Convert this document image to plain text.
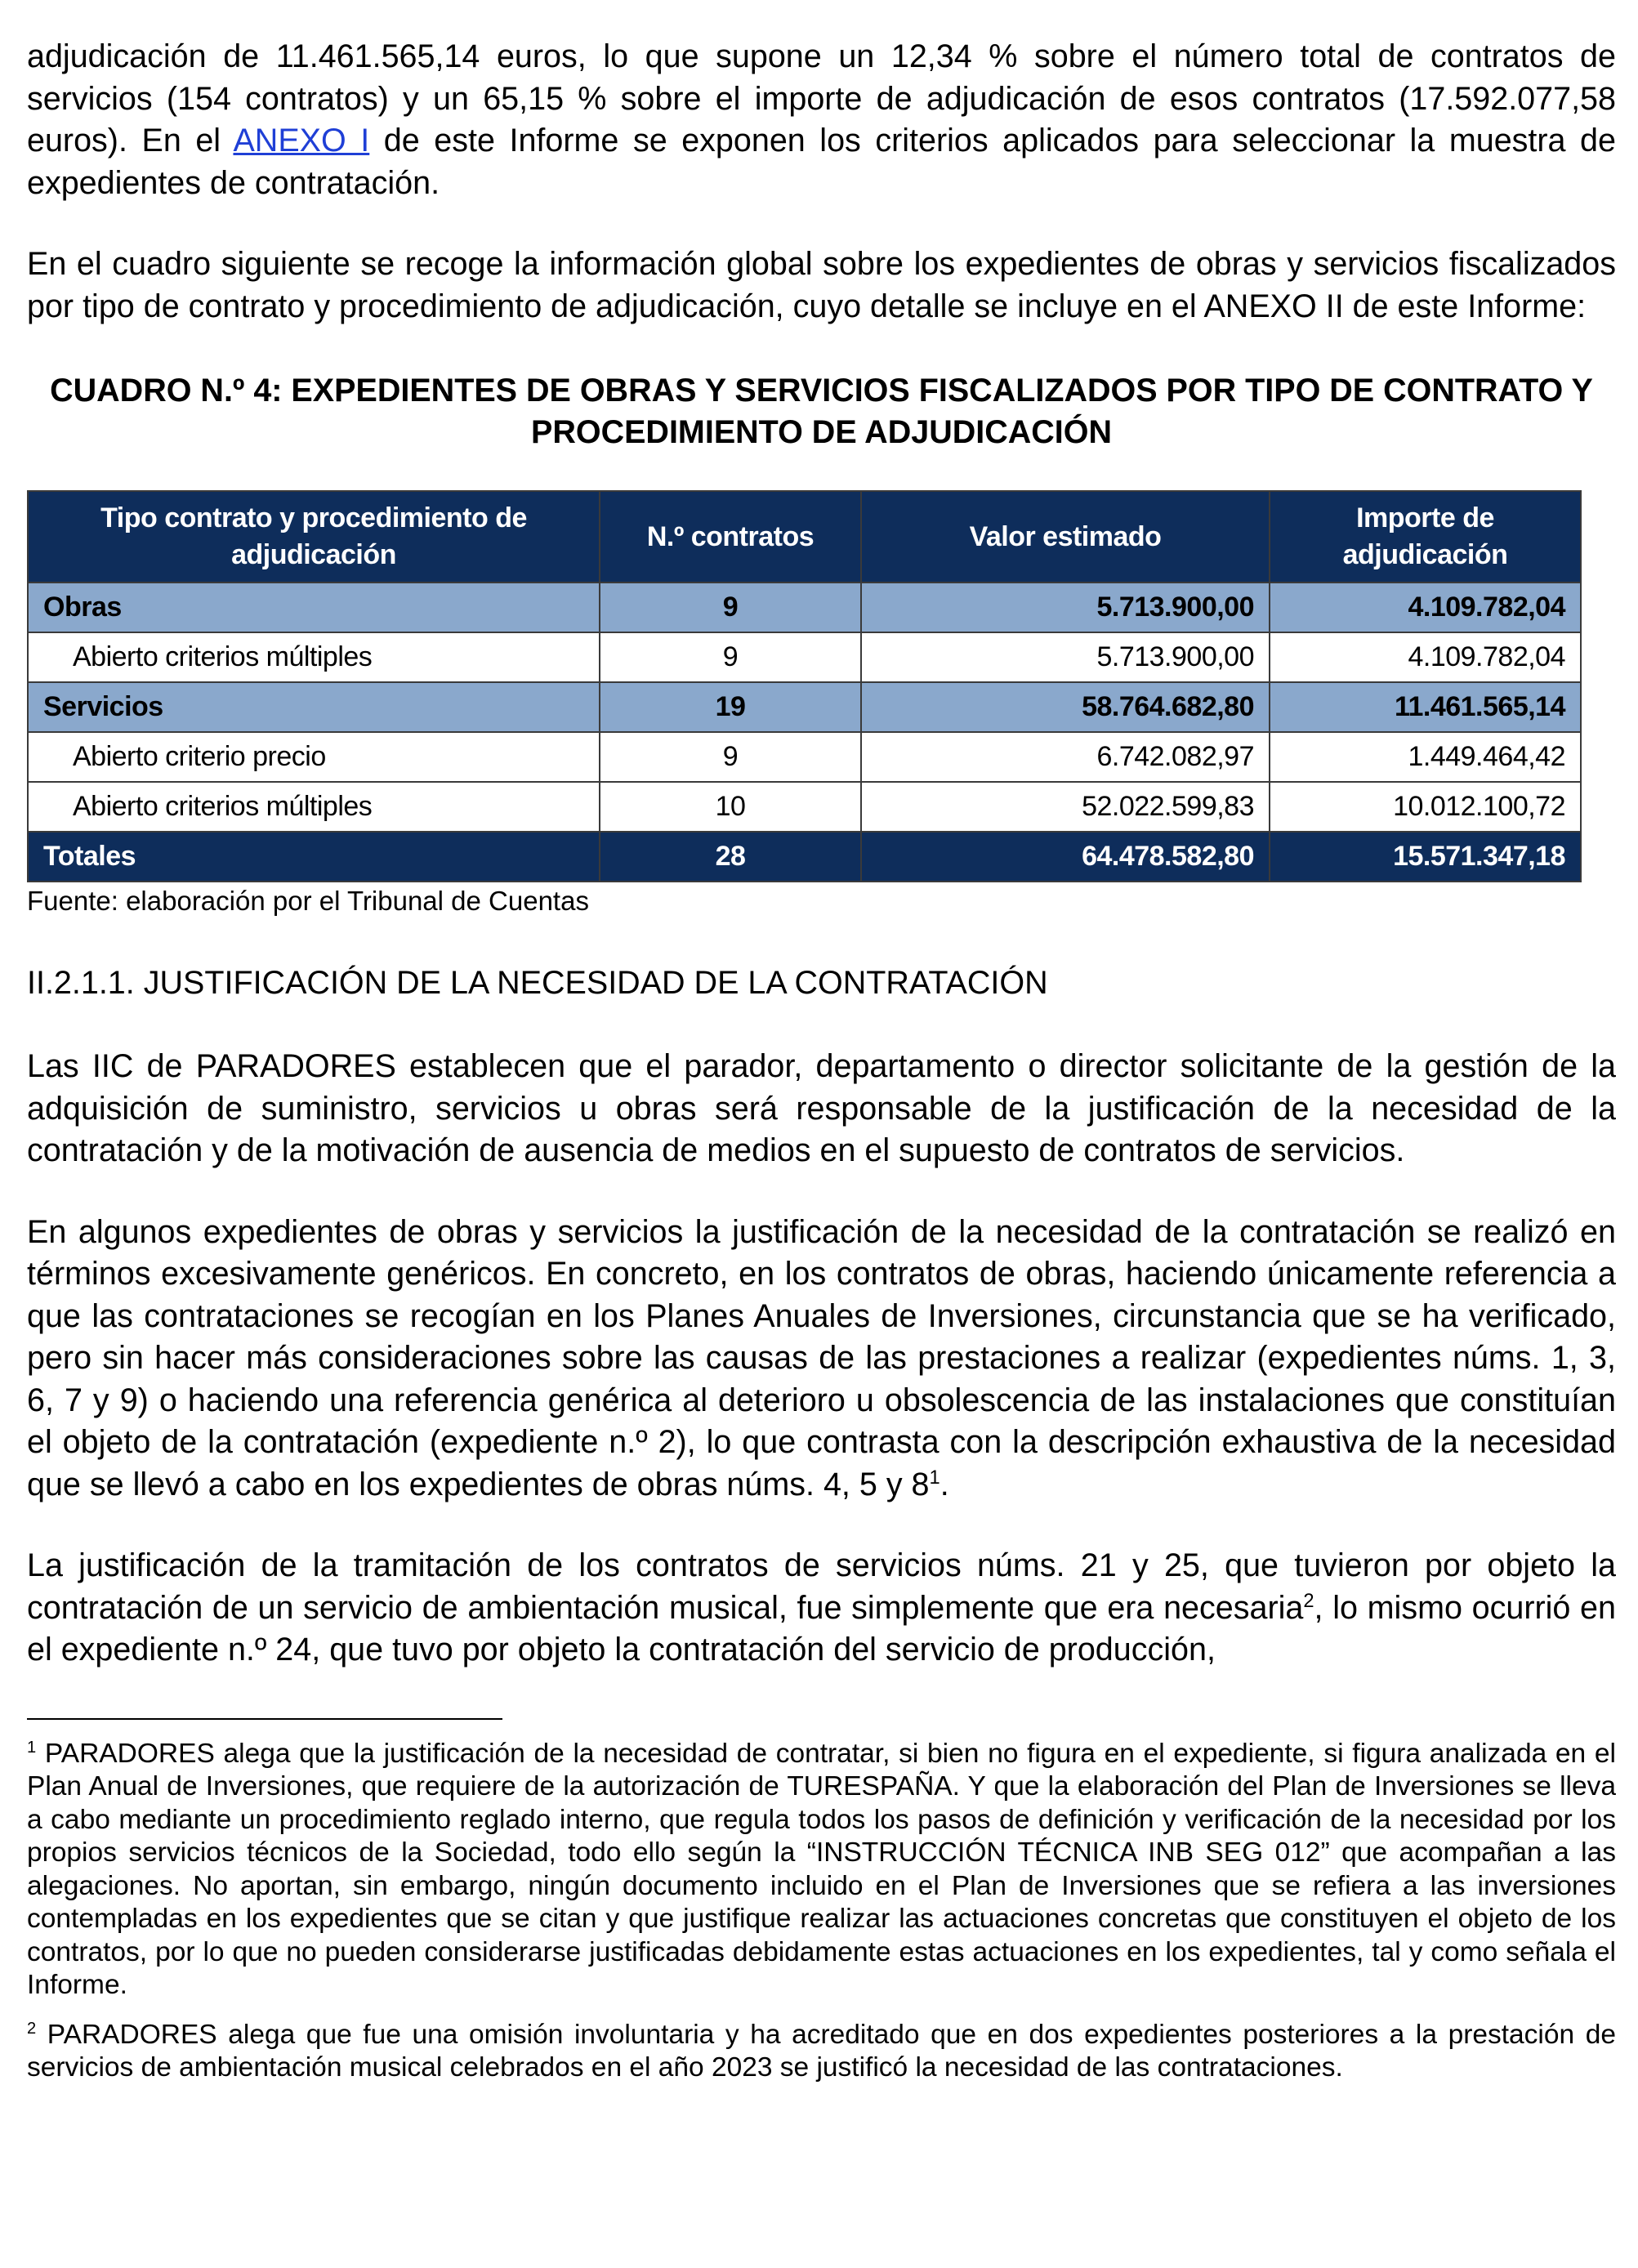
adjudicación de 11.461.565,14 euros, lo que supone un 12,34 % sobre el número total de contratos de servicios (154 contratos) y un 65,15 % sobre el importe de adjudicación de esos contratos (17.592.077,58 euros). En el ANEXO I de este Informe se exponen los criterios aplicados para seleccionar la muestra de expedientes de contratación.

En el cuadro siguiente se recoge la información global sobre los expedientes de obras y servicios fiscalizados por tipo de contrato y procedimiento de adjudicación, cuyo detalle se incluye en el ANEXO II de este Informe:

CUADRO N.º 4: EXPEDIENTES DE OBRAS Y SERVICIOS FISCALIZADOS POR TIPO DE CONTRATO Y PROCEDIMIENTO DE ADJUDICACIÓN

Tipo contrato y procedimiento de adjudicación	N.º contratos	Valor estimado	Importe de adjudicación
Obras	9	5.713.900,00	4.109.782,04
Abierto criterios múltiples	9	5.713.900,00	4.109.782,04
Servicios	19	58.764.682,80	11.461.565,14
Abierto criterio precio	9	6.742.082,97	1.449.464,42
Abierto criterios múltiples	10	52.022.599,83	10.012.100,72
Totales	28	64.478.582,80	15.571.347,18

Fuente: elaboración por el Tribunal de Cuentas

II.2.1.1. JUSTIFICACIÓN DE LA NECESIDAD DE LA CONTRATACIÓN

Las IIC de PARADORES establecen que el parador, departamento o director solicitante de la gestión de la adquisición de suministro, servicios u obras será responsable de la justificación de la necesidad de la contratación y de la motivación de ausencia de medios en el supuesto de contratos de servicios.

En algunos expedientes de obras y servicios la justificación de la necesidad de la contratación se realizó en términos excesivamente genéricos. En concreto, en los contratos de obras, haciendo únicamente referencia a que las contrataciones se recogían en los Planes Anuales de Inversiones, circunstancia que se ha verificado, pero sin hacer más consideraciones sobre las causas de las prestaciones a realizar (expedientes núms. 1, 3, 6, 7 y 9) o haciendo una referencia genérica al deterioro u obsolescencia de las instalaciones que constituían el objeto de la contratación (expediente n.º 2), lo que contrasta con la descripción exhaustiva de la necesidad que se llevó a cabo en los expedientes de obras núms. 4, 5 y $8^1$.

La justificación de la tramitación de los contratos de servicios núms. 21 y 25, que tuvieron por objeto la contratación de un servicio de ambientación musical, fue simplemente que era necesaria$^2$, lo mismo ocurrió en el expediente n.º 24, que tuvo por objeto la contratación del servicio de producción,

$^1$ PARADORES alega que la justificación de la necesidad de contratar, si bien no figura en el expediente, si figura analizada en el Plan Anual de Inversiones, que requiere de la autorización de TURESPAÑA. Y que la elaboración del Plan de Inversiones se lleva a cabo mediante un procedimiento reglado interno, que regula todos los pasos de definición y verificación de la necesidad por los propios servicios técnicos de la Sociedad, todo ello según la “INSTRUCCIÓN TÉCNICA INB SEG 012” que acompañan a las alegaciones. No aportan, sin embargo, ningún documento incluido en el Plan de Inversiones que se refiera a las inversiones contempladas en los expedientes que se citan y que justifique realizar las actuaciones concretas que constituyen el objeto de los contratos, por lo que no pueden considerarse justificadas debidamente estas actuaciones en los expedientes, tal y como señala el Informe.

$^2$ PARADORES alega que fue una omisión involuntaria y ha acreditado que en dos expedientes posteriores a la prestación de servicios de ambientación musical celebrados en el año 2023 se justificó la necesidad de las contrataciones.
